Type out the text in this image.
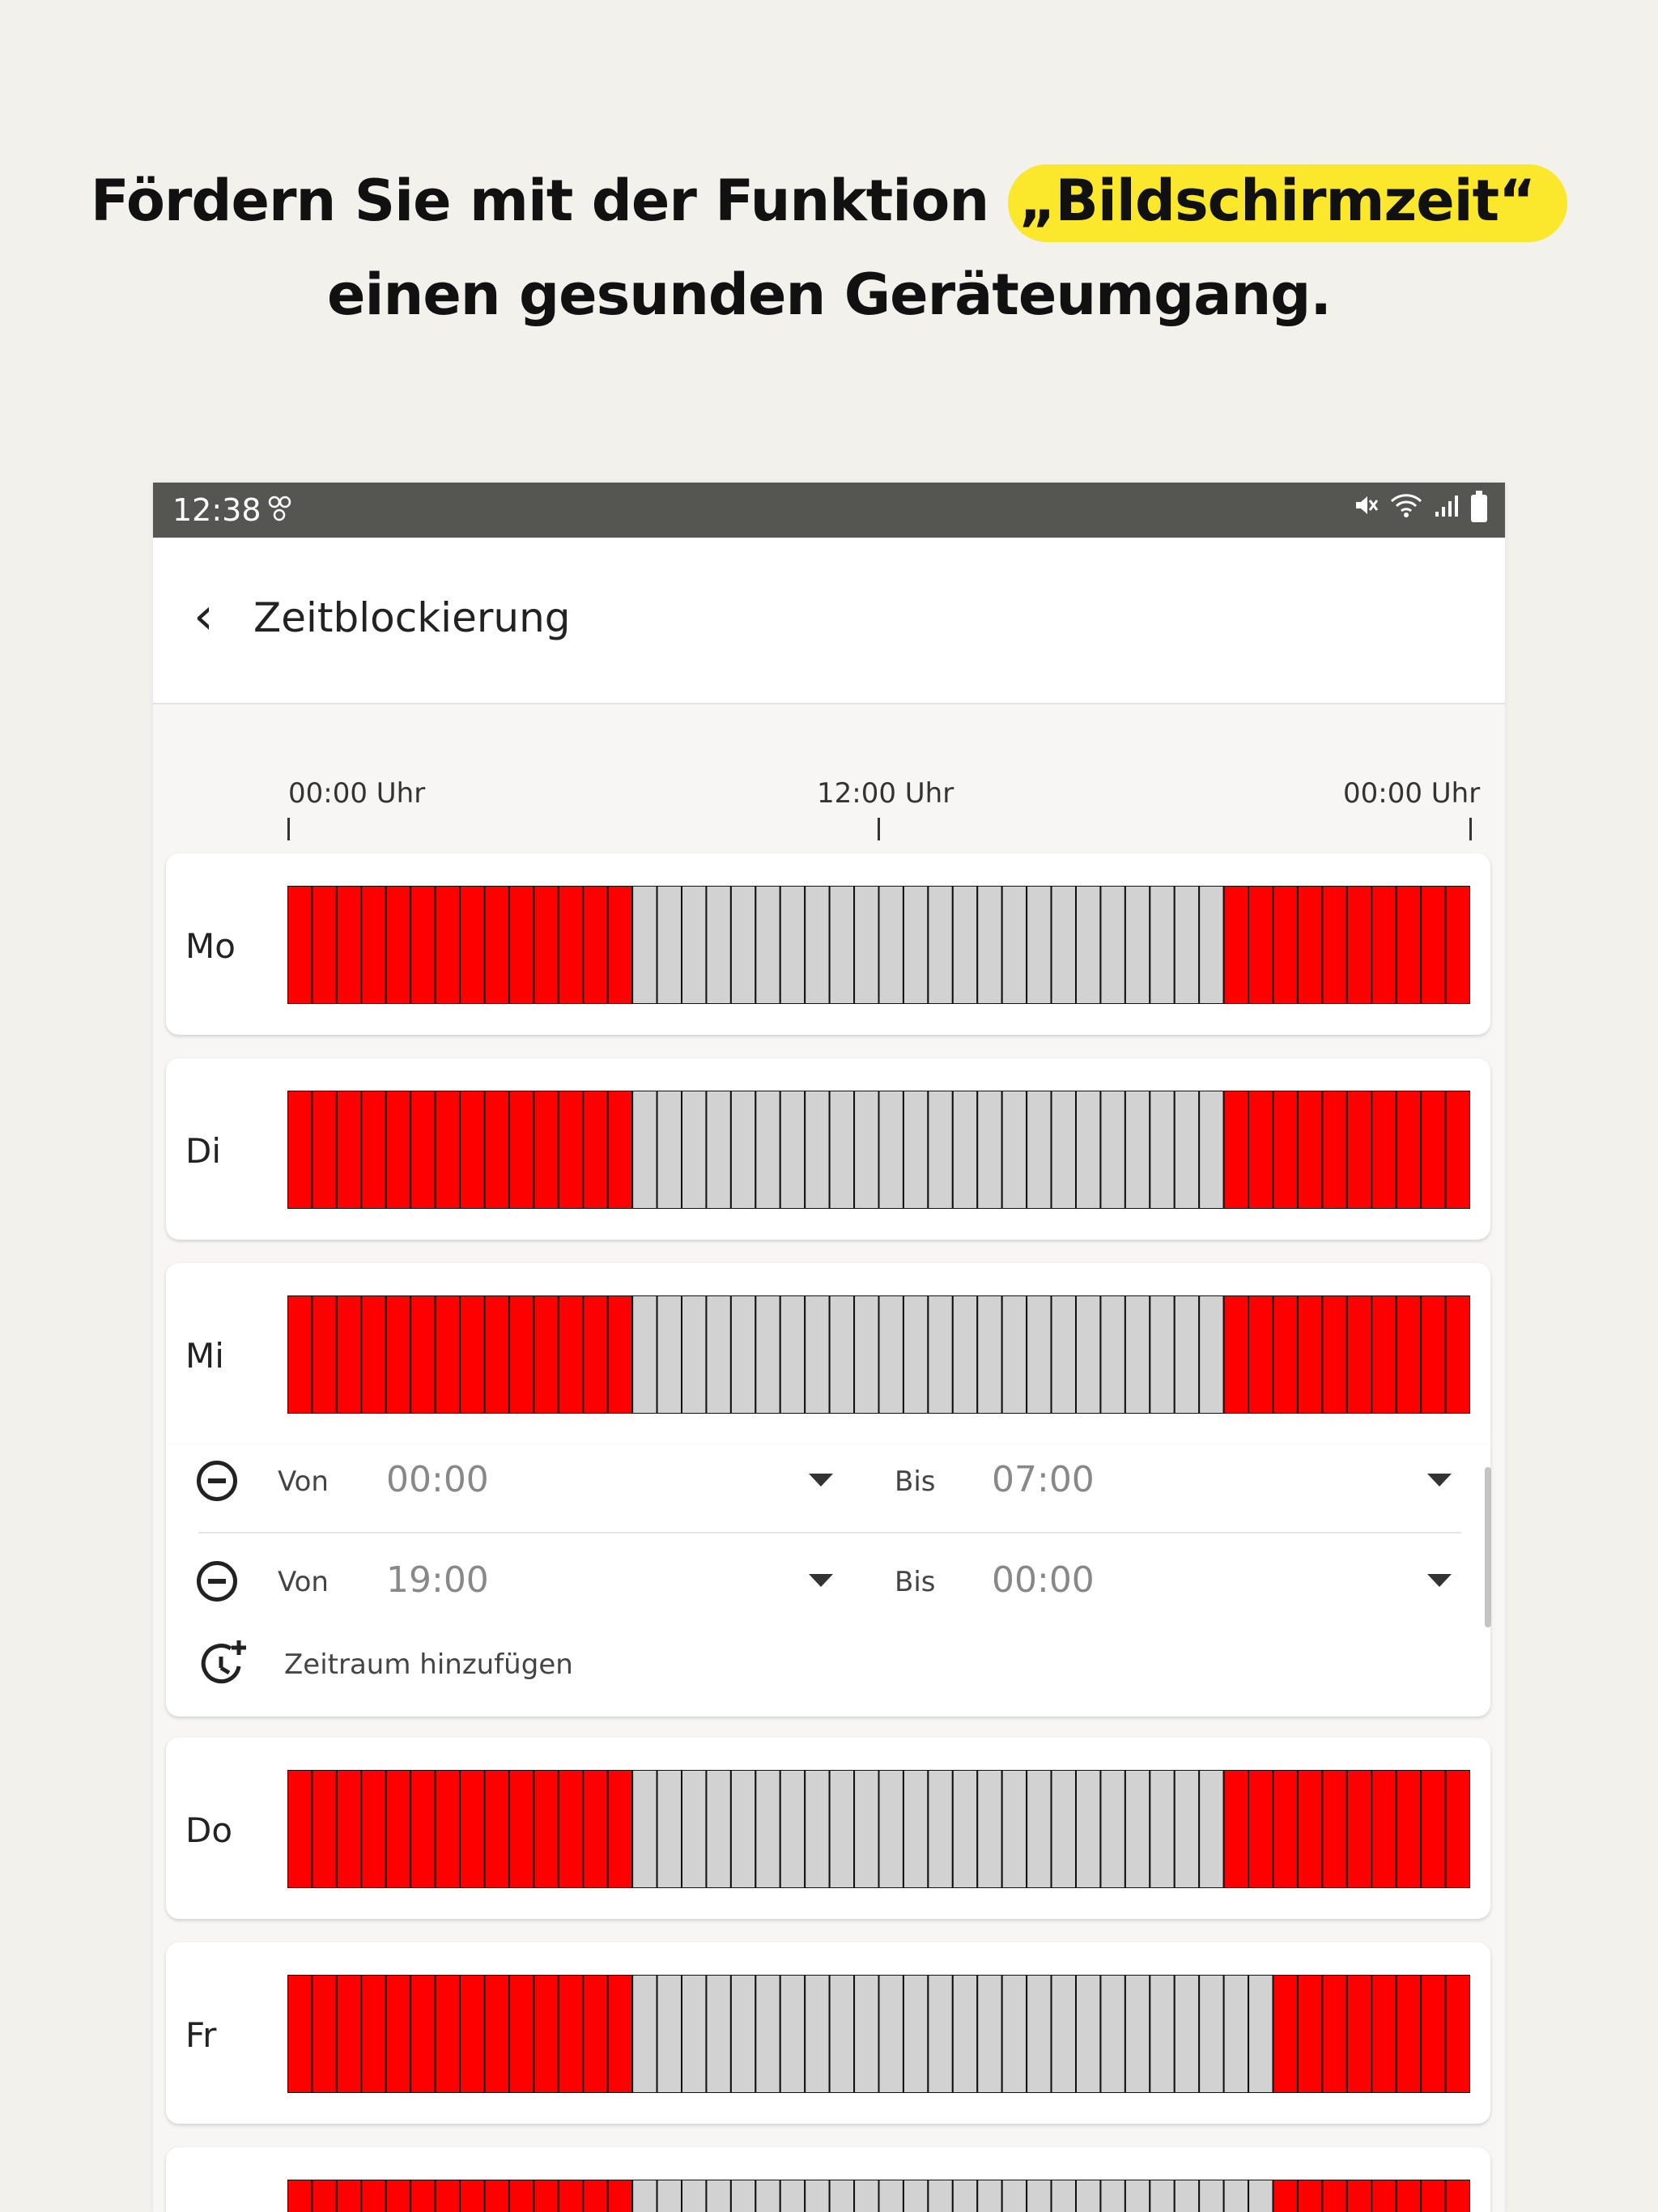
Fördern Sie mit der Funktion „Bildschirmzeit“
einen gesunden Geräteumgang.
12:38
‹ Zeitblockierung
00:00 Uhr	12:00 Uhr	00:00 Uhr
Mo
Di
Mi
Von 00:00	Bis 07:00
Von 19:00	Bis 00:00
Zeitraum hinzufügen
Do
Fr
